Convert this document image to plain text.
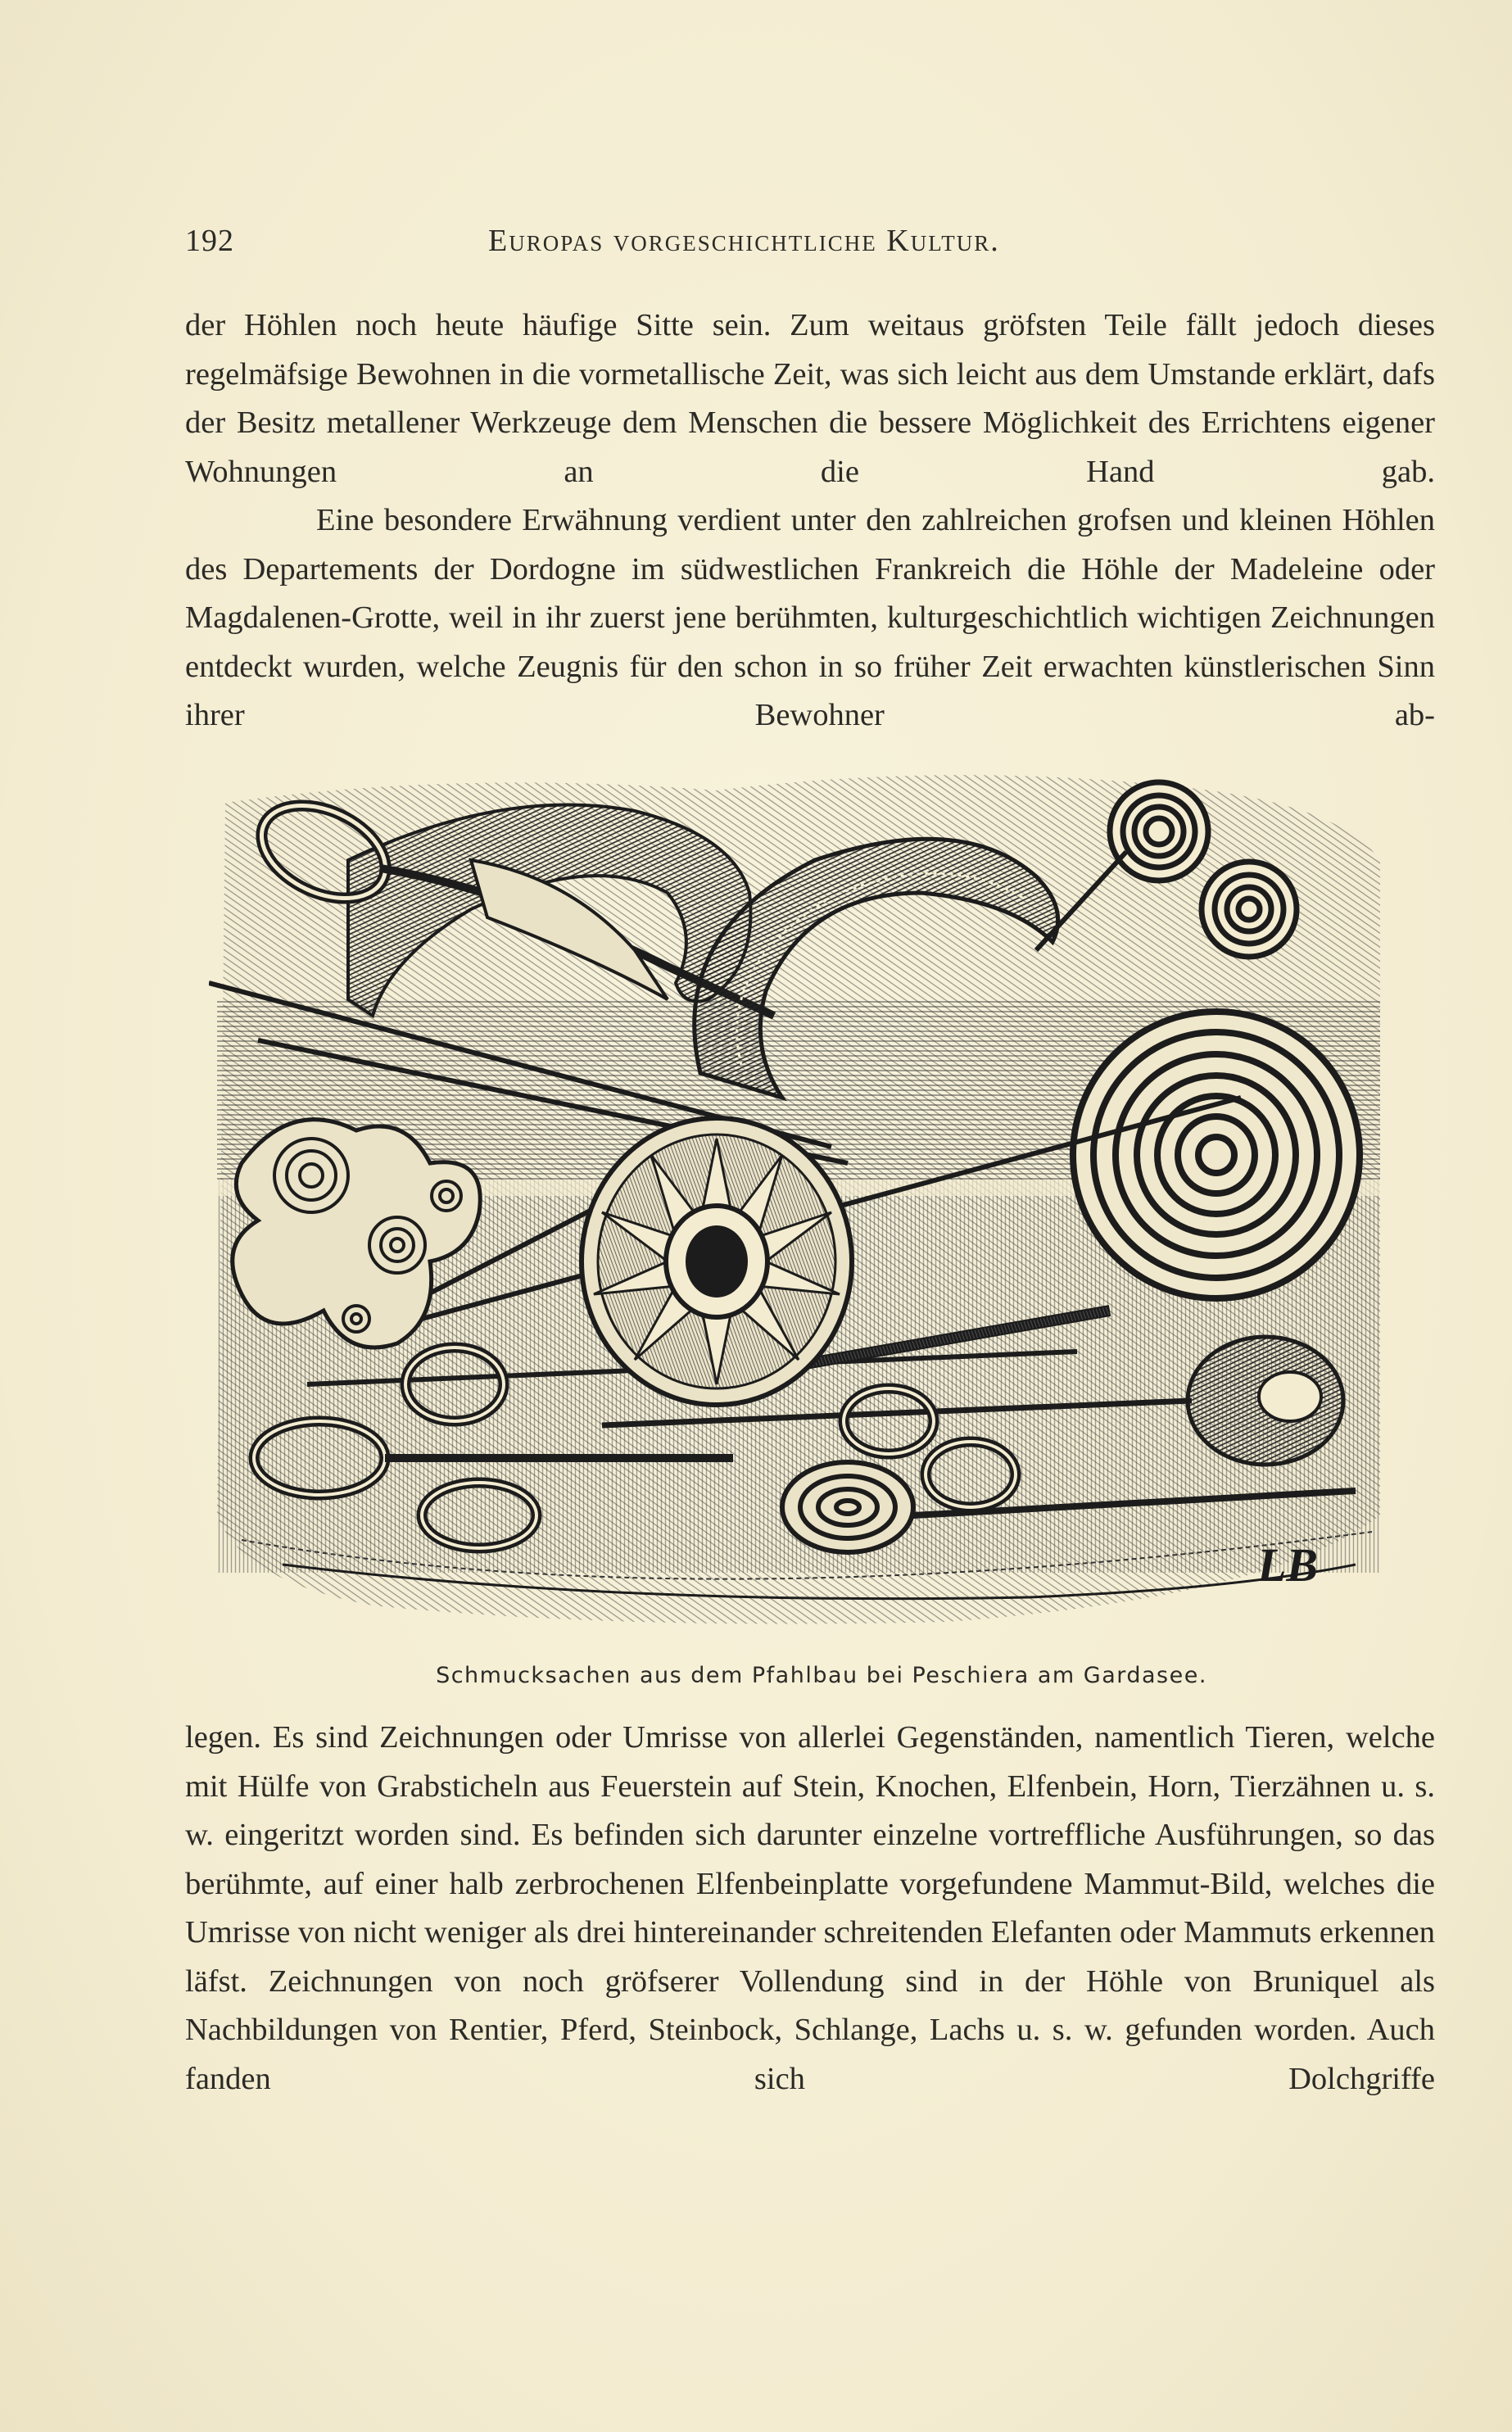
192	Europas vorgeschichtliche Kultur.

der Höhlen noch heute häufige Sitte sein. Zum weitaus gröfsten Teile fällt jedoch dieses regelmäfsige Bewohnen in die vormetallische Zeit, was sich leicht aus dem Umstande erklärt, dafs der Besitz metallener Werkzeuge dem Menschen die bessere Möglichkeit des Errichtens eigener Wohnungen an die Hand gab.

Eine besondere Erwähnung verdient unter den zahlreichen grofsen und kleinen Höhlen des Departements der Dordogne im südwestlichen Frankreich die Höhle der Madeleine oder Magdalenen-Grotte, weil in ihr zuerst jene berühmten, kulturgeschichtlich wichtigen Zeichnungen entdeckt wurden, welche Zeugnis für den schon in so früher Zeit erwachten künstlerischen Sinn ihrer Bewohner ab-

LB
Schmucksachen aus dem Pfahlbau bei Peschiera am Gardasee.

legen. Es sind Zeichnungen oder Umrisse von allerlei Gegenständen, namentlich Tieren, welche mit Hülfe von Grabsticheln aus Feuerstein auf Stein, Knochen, Elfenbein, Horn, Tierzähnen u. s. w. eingeritzt worden sind. Es befinden sich darunter einzelne vortreffliche Ausführungen, so das berühmte, auf einer halb zerbrochenen Elfenbeinplatte vorgefundene Mammut-Bild, welches die Umrisse von nicht weniger als drei hintereinander schreitenden Elefanten oder Mammuts erkennen läfst. Zeichnungen von noch gröfserer Vollendung sind in der Höhle von Bruniquel als Nachbildungen von Rentier, Pferd, Steinbock, Schlange, Lachs u. s. w. gefunden worden. Auch fanden sich Dolchgriffe
